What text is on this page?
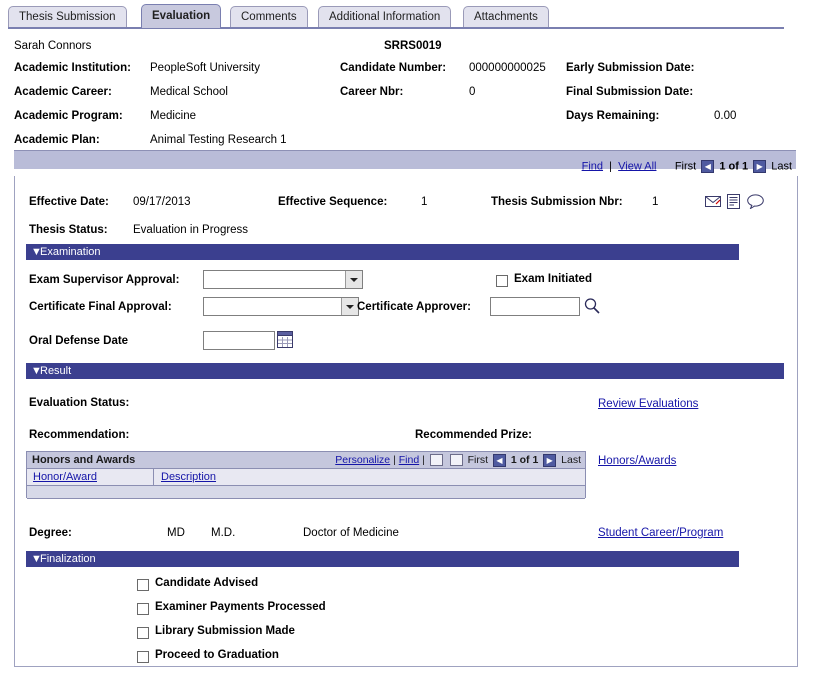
Thesis Submission	Evaluation	Comments	Additional Information	Attachments
Sarah Connors	SRRS0019
Academic Institution: PeopleSoft University
Academic Career:	Medical School
Academic Program: Medicine
Academic Plan:	Animal Testing Research 1
Candidate Number: 000000000025
Career Nbr:	0
Early Submission Date:
Final Submission Date:
Days Remaining:	0.00
Find  |  View All First ◀ 1 of 1 ▶ Last
Effective Date: 09/17/2013	Effective Sequence:	1	Thesis Submission Nbr:	1
Thesis Status: Evaluation in Progress
▼Examination
Exam Supervisor Approval:	Exam Initiated
Certificate Final Approval:	Certificate Approver:
Oral Defense Date
▼Result
Evaluation Status:	Review Evaluations
Recommendation:	Recommended Prize:
Honors and Awards	Personalize | Find |	First ◀ 1 of 1 ▶ Last
Honor/Award	Description
Honors/Awards
Degree:	MD M.D.	Doctor of Medicine	Student Career/Program
▼Finalization
Candidate Advised
Examiner Payments Processed
Library Submission Made
Proceed to Graduation
